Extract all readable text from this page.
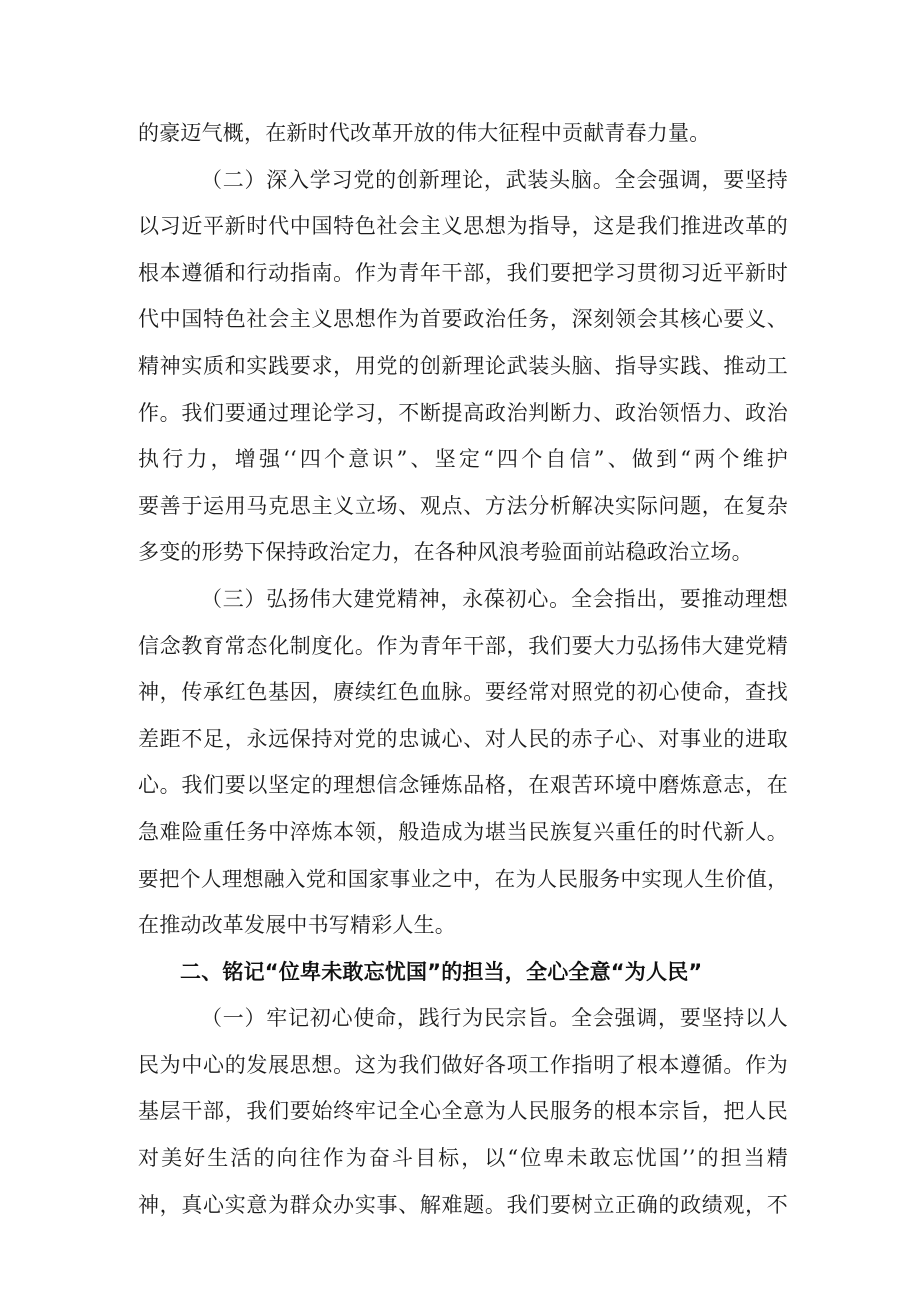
的豪迈气概，在新时代改革开放的伟大征程中贡献青春力量。
（二）深入学习党的创新理论，武装头脑。全会强调，要坚持
以习近平新时代中国特色社会主义思想为指导，这是我们推进改革的
根本遵循和行动指南。作为青年干部，我们要把学习贯彻习近平新时
代中国特色社会主义思想作为首要政治任务，深刻领会其核心要义、
精神实质和实践要求，用党的创新理论武装头脑、指导实践、推动工
作。我们要通过理论学习，不断提高政治判断力、政治领悟力、政治
执行力，增强‘‘四个意识”、坚定“四个自信”、做到“两个维护
要善于运用马克思主义立场、观点、方法分析解决实际问题，在复杂
多变的形势下保持政治定力，在各种风浪考验面前站稳政治立场。
（三）弘扬伟大建党精神，永葆初心。全会指出，要推动理想
信念教育常态化制度化。作为青年干部，我们要大力弘扬伟大建党精
神，传承红色基因，赓续红色血脉。要经常对照党的初心使命，查找
差距不足，永远保持对党的忠诚心、对人民的赤子心、对事业的进取
心。我们要以坚定的理想信念锤炼品格，在艰苦环境中磨炼意志，在
急难险重任务中淬炼本领，般造成为堪当民族复兴重任的时代新人。
要把个人理想融入党和国家事业之中，在为人民服务中实现人生价值，
在推动改革发展中书写精彩人生。
二、铭记“位卑未敢忘忧国”的担当，全心全意“为人民”
（一）牢记初心使命，践行为民宗旨。全会强调，要坚持以人
民为中心的发展思想。这为我们做好各项工作指明了根本遵循。作为
基层干部，我们要始终牢记全心全意为人民服务的根本宗旨，把人民
对美好生活的向往作为奋斗目标，以“位卑未敢忘忧国’’的担当精
神，真心实意为群众办实事、解难题。我们要树立正确的政绩观，不
